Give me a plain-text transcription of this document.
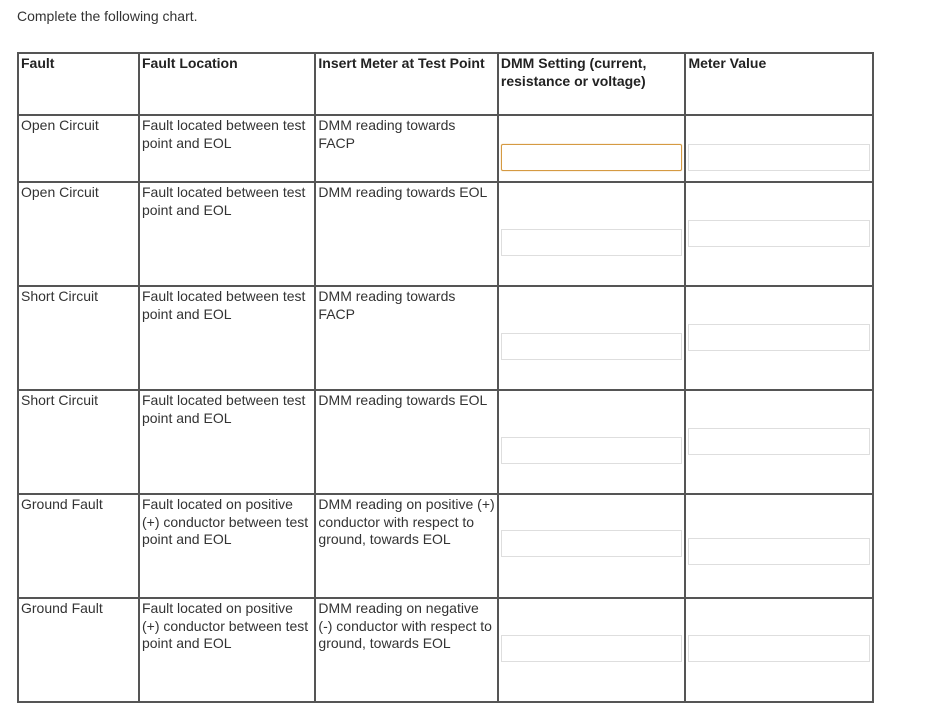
Complete the following chart.
Fault	Fault Location	Insert Meter at Test Point	DMM Setting (current, resistance or voltage)	Meter Value
Open Circuit	Fault located between test point and EOL	DMM reading towards FACP	

Open Circuit	Fault located between test point and EOL	DMM reading towards EOL	

Short Circuit	Fault located between test point and EOL	DMM reading towards FACP	

Short Circuit	Fault located between test point and EOL	DMM reading towards EOL	

Ground Fault	Fault located on positive (+) conductor between test point and EOL	DMM reading on positive (+) conductor with respect to ground, towards EOL	

Ground Fault	Fault located on positive (+) conductor between test point and EOL	DMM reading on negative (-) conductor with respect to ground, towards EOL	
